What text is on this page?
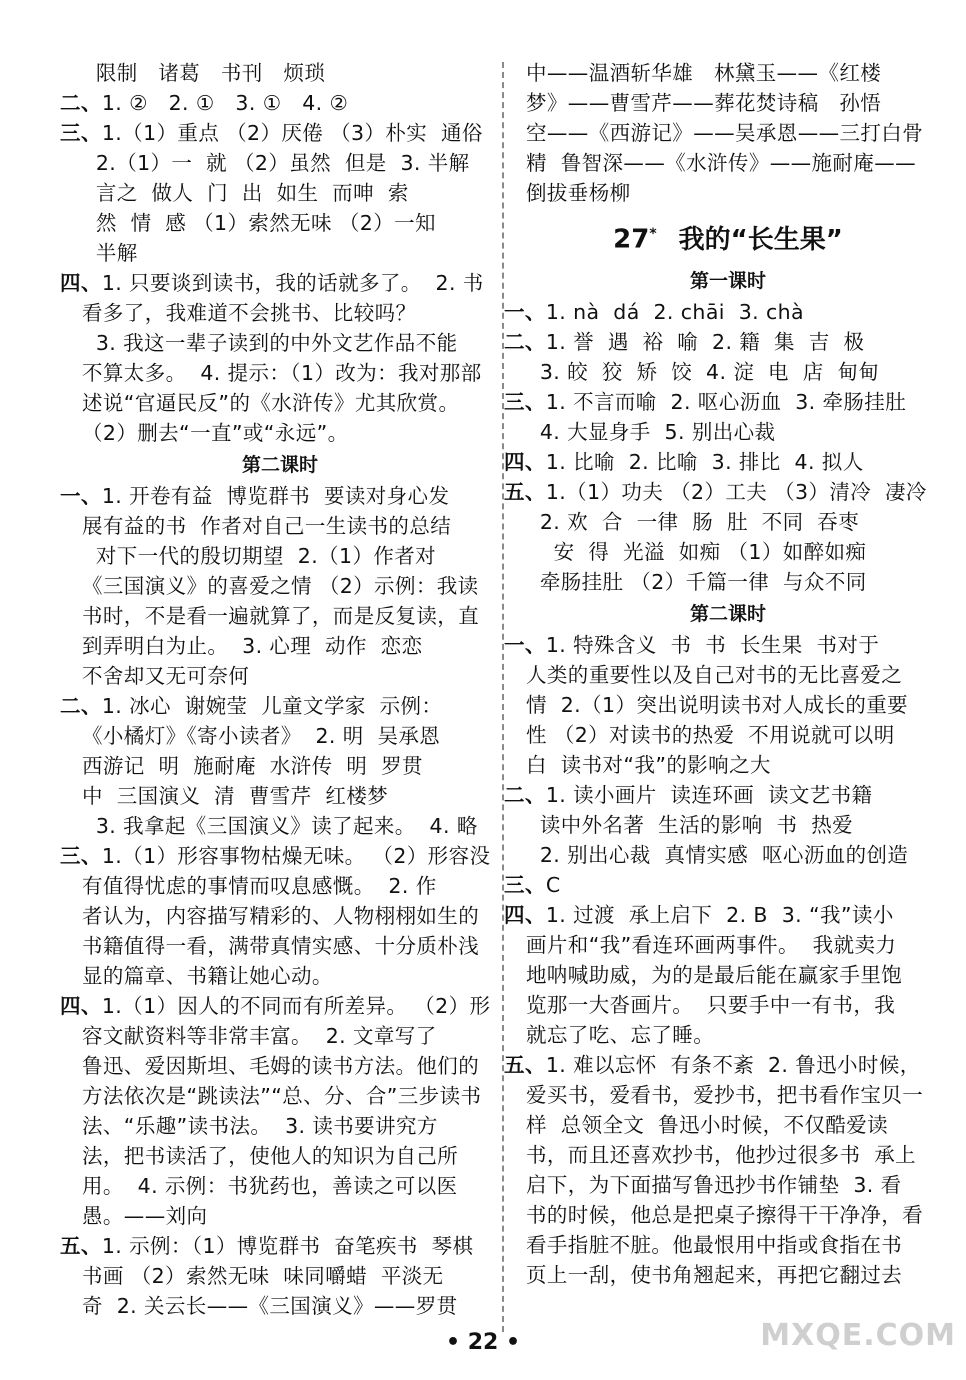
限制   诸葛   书刊   烦琐
二、1. ②   2. ①   3. ①   4. ②
三、1.（1）重点 （2）厌倦 （3）朴实  通俗
2.（1）一  就 （2）虽然  但是  3. 半解
言之  做人  门  出  如生  而呻  索
然  情  感 （1）索然无味 （2）一知
半解
四、1. 只要谈到读书，我的话就多了。  2. 书
看多了，我难道不会挑书、比较吗？
3. 我这一辈子读到的中外文艺作品不能
不算太多。  4. 提示：（1）改为：我对那部
述说“官逼民反”的《水浒传》尤其欣赏。
（2）删去“一直”或“永远”。
第二课时
一、1. 开卷有益  博览群书  要读对身心发
展有益的书  作者对自己一生读书的总结
对下一代的殷切期望  2.（1）作者对
《三国演义》的喜爱之情 （2）示例：我读
书时，不是看一遍就算了，而是反复读，直
到弄明白为止。  3. 心理  动作  恋恋
不舍却又无可奈何
二、1. 冰心  谢婉莹  儿童文学家  示例：
《小橘灯》《寄小读者》  2. 明  吴承恩
西游记  明  施耐庵  水浒传  明  罗贯
中  三国演义  清  曹雪芹  红楼梦
3. 我拿起《三国演义》读了起来。  4. 略
三、1.（1）形容事物枯燥无味。 （2）形容没
有值得忧虑的事情而叹息感慨。  2. 作
者认为，内容描写精彩的、人物栩栩如生的
书籍值得一看，满带真情实感、十分质朴浅
显的篇章、书籍让她心动。
四、1.（1）因人的不同而有所差异。 （2）形
容文献资料等非常丰富。  2. 文章写了
鲁迅、爱因斯坦、毛姆的读书方法。他们的
方法依次是“跳读法”“总、分、合”三步读书
法、“乐趣”读书法。  3. 读书要讲究方
法，把书读活了，使他人的知识为自己所
用。  4. 示例：书犹药也，善读之可以医
愚。——刘向
五、1. 示例：（1）博览群书  奋笔疾书  琴棋
书画 （2）索然无味  味同嚼蜡  平淡无
奇  2. 关云长——《三国演义》——罗贯
中——温酒斩华雄   林黛玉——《红楼
梦》——曹雪芹——葬花焚诗稿   孙悟
空——《西游记》——吴承恩——三打白骨
精  鲁智深——《水浒传》——施耐庵——
倒拔垂杨柳
27* 我的“长生果”
第一课时
一、1. nà  dá  2. chāi  3. chà
二、1. 誉  遇  裕  喻  2. 籍  集  吉  极
3. 皎  狡  矫  饺  4. 淀  电  店  甸甸
三、1. 不言而喻  2. 呕心沥血  3. 牵肠挂肚
4. 大显身手  5. 别出心裁
四、1. 比喻  2. 比喻  3. 排比  4. 拟人
五、1.（1）功夫 （2）工夫 （3）清冷  凄冷
2. 欢  合  一律  肠  肚  不同  吞枣
安  得  光溢  如痴 （1）如醉如痴
牵肠挂肚 （2）千篇一律  与众不同
第二课时
一、1. 特殊含义  书  书  长生果  书对于
人类的重要性以及自己对书的无比喜爱之
情  2.（1）突出说明读书对人成长的重要
性 （2）对读书的热爱  不用说就可以明
白  读书对“我”的影响之大
二、1. 读小画片  读连环画  读文艺书籍
读中外名著  生活的影响  书  热爱
2. 别出心裁  真情实感  呕心沥血的创造
三、C
四、1. 过渡  承上启下  2. B  3. “我”读小
画片和“我”看连环画两事件。  我就卖力
地呐喊助威，为的是最后能在赢家手里饱
览那一大沓画片。  只要手中一有书，我
就忘了吃、忘了睡。
五、1. 难以忘怀  有条不紊  2. 鲁迅小时候，
爱买书，爱看书，爱抄书，把书看作宝贝一
样  总领全文  鲁迅小时候，不仅酷爱读
书，而且还喜欢抄书，他抄过很多书  承上
启下，为下面描写鲁迅抄书作铺垫  3. 看
书的时候，他总是把桌子擦得干干净净，看
看手指脏不脏。他最恨用中指或食指在书
页上一刮，使书角翘起来，再把它翻过去
• 22 •	MXQE.COM
